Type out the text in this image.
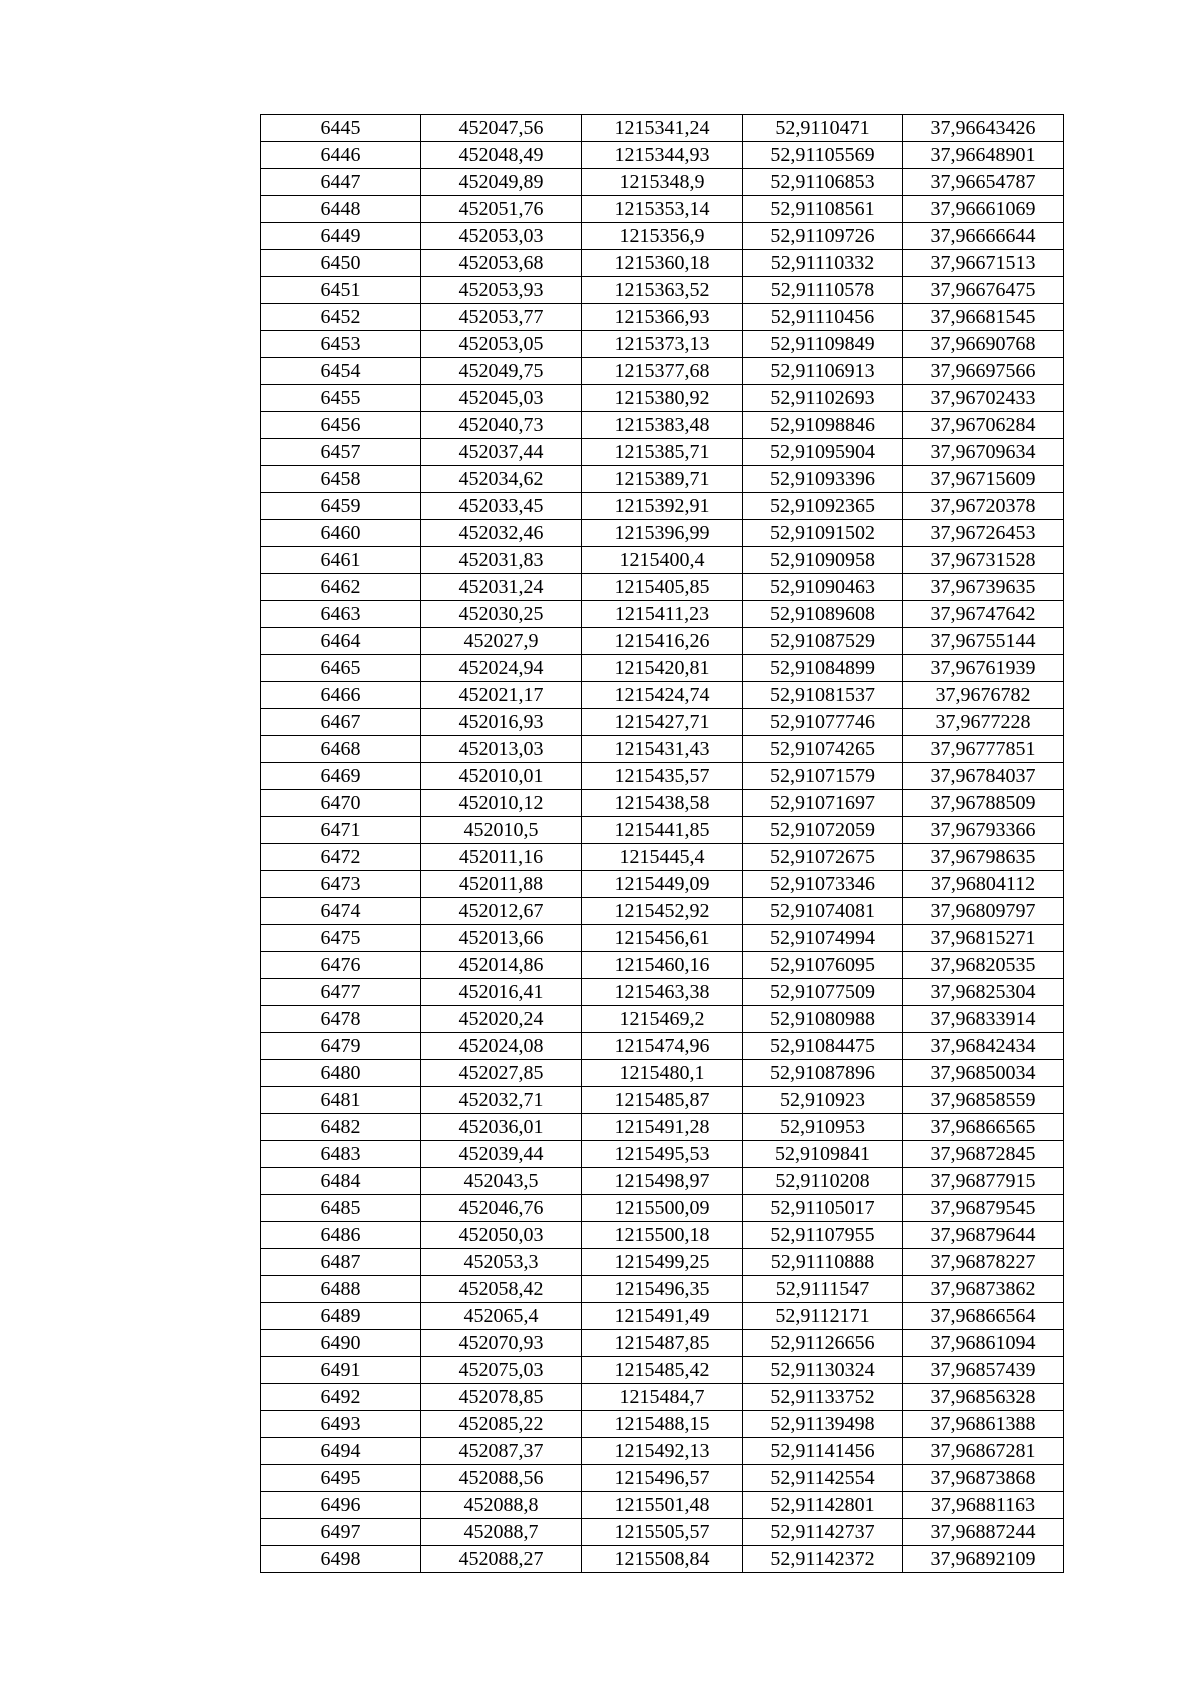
6445	452047,56	1215341,24	52,9110471	37,96643426
6446	452048,49	1215344,93	52,91105569	37,96648901
6447	452049,89	1215348,9	52,91106853	37,96654787
6448	452051,76	1215353,14	52,91108561	37,96661069
6449	452053,03	1215356,9	52,91109726	37,96666644
6450	452053,68	1215360,18	52,91110332	37,96671513
6451	452053,93	1215363,52	52,91110578	37,96676475
6452	452053,77	1215366,93	52,91110456	37,96681545
6453	452053,05	1215373,13	52,91109849	37,96690768
6454	452049,75	1215377,68	52,91106913	37,96697566
6455	452045,03	1215380,92	52,91102693	37,96702433
6456	452040,73	1215383,48	52,91098846	37,96706284
6457	452037,44	1215385,71	52,91095904	37,96709634
6458	452034,62	1215389,71	52,91093396	37,96715609
6459	452033,45	1215392,91	52,91092365	37,96720378
6460	452032,46	1215396,99	52,91091502	37,96726453
6461	452031,83	1215400,4	52,91090958	37,96731528
6462	452031,24	1215405,85	52,91090463	37,96739635
6463	452030,25	1215411,23	52,91089608	37,96747642
6464	452027,9	1215416,26	52,91087529	37,96755144
6465	452024,94	1215420,81	52,91084899	37,96761939
6466	452021,17	1215424,74	52,91081537	37,9676782
6467	452016,93	1215427,71	52,91077746	37,9677228
6468	452013,03	1215431,43	52,91074265	37,96777851
6469	452010,01	1215435,57	52,91071579	37,96784037
6470	452010,12	1215438,58	52,91071697	37,96788509
6471	452010,5	1215441,85	52,91072059	37,96793366
6472	452011,16	1215445,4	52,91072675	37,96798635
6473	452011,88	1215449,09	52,91073346	37,96804112
6474	452012,67	1215452,92	52,91074081	37,96809797
6475	452013,66	1215456,61	52,91074994	37,96815271
6476	452014,86	1215460,16	52,91076095	37,96820535
6477	452016,41	1215463,38	52,91077509	37,96825304
6478	452020,24	1215469,2	52,91080988	37,96833914
6479	452024,08	1215474,96	52,91084475	37,96842434
6480	452027,85	1215480,1	52,91087896	37,96850034
6481	452032,71	1215485,87	52,910923	37,96858559
6482	452036,01	1215491,28	52,910953	37,96866565
6483	452039,44	1215495,53	52,9109841	37,96872845
6484	452043,5	1215498,97	52,9110208	37,96877915
6485	452046,76	1215500,09	52,91105017	37,96879545
6486	452050,03	1215500,18	52,91107955	37,96879644
6487	452053,3	1215499,25	52,91110888	37,96878227
6488	452058,42	1215496,35	52,9111547	37,96873862
6489	452065,4	1215491,49	52,9112171	37,96866564
6490	452070,93	1215487,85	52,91126656	37,96861094
6491	452075,03	1215485,42	52,91130324	37,96857439
6492	452078,85	1215484,7	52,91133752	37,96856328
6493	452085,22	1215488,15	52,91139498	37,96861388
6494	452087,37	1215492,13	52,91141456	37,96867281
6495	452088,56	1215496,57	52,91142554	37,96873868
6496	452088,8	1215501,48	52,91142801	37,96881163
6497	452088,7	1215505,57	52,91142737	37,96887244
6498	452088,27	1215508,84	52,91142372	37,96892109
